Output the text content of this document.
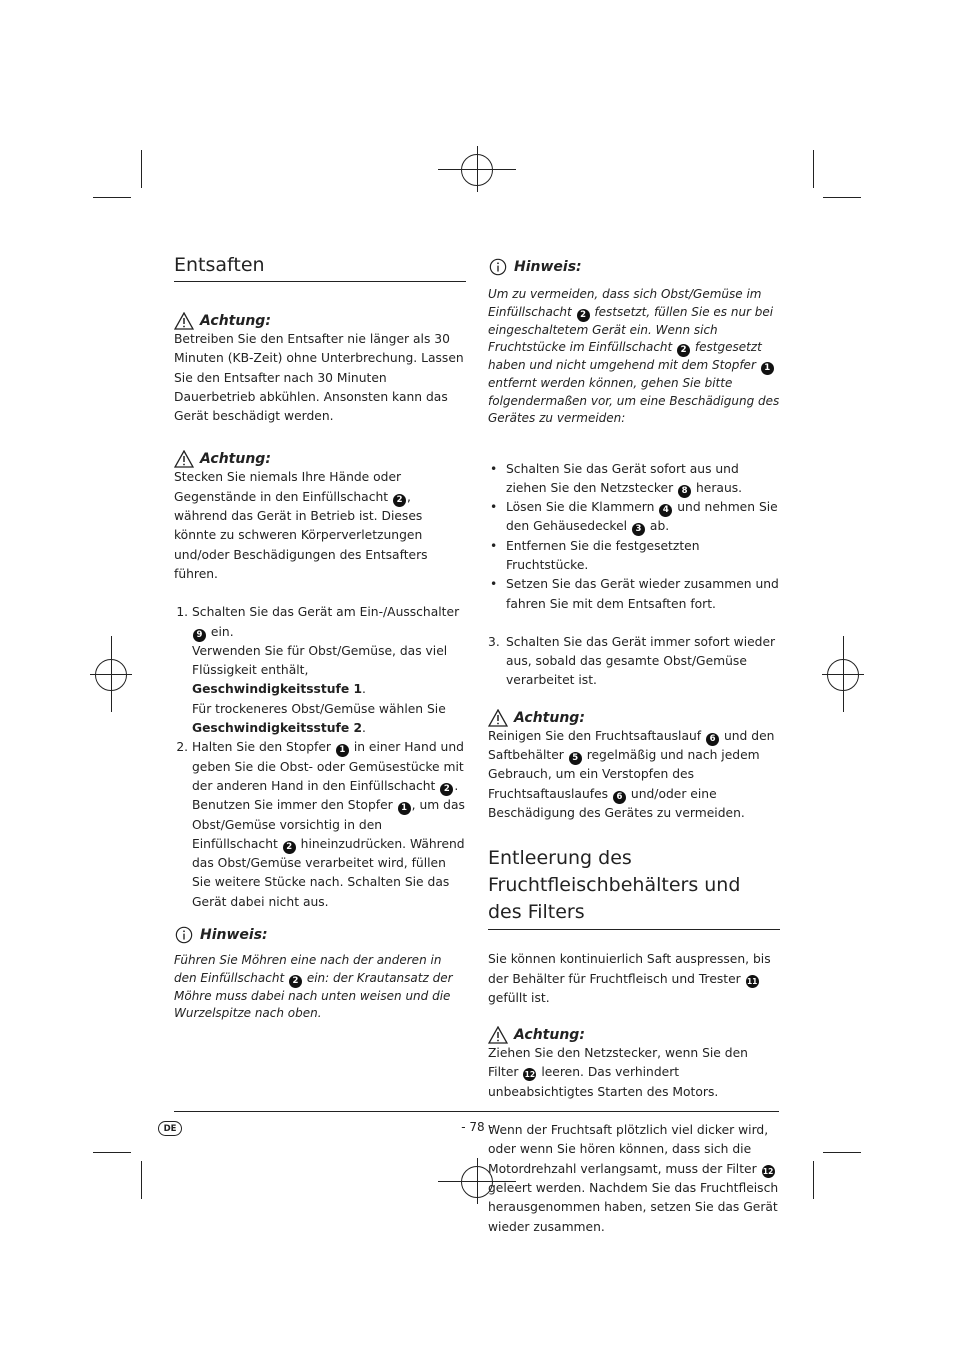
Entsaften
Achtung:

Betreiben Sie den Entsafter nie länger als 30 Minuten (KB-Zeit) ohne Unterbrechung. Lassen Sie den Entsafter nach 30 Minuten Dauerbetrieb abkühlen. Ansonsten kann das Gerät beschädigt werden.

Achtung:

Stecken Sie niemals Ihre Hände oder Gegenstände in den Einfüllschacht 2 , während das Gerät in Betrieb ist. Dieses könnte zu schweren Körperverletzungen und/oder Beschädigungen des Entsafters führen.

1. Schalten Sie das Gerät am Ein-/Ausschalter 9 ein.
Verwenden Sie für Obst/Gemüse, das viel Flüssigkeit enthält, Geschwindigkeitsstufe 1.
Für trockeneres Obst/Gemüse wählen Sie Geschwindigkeitsstufe 2.
2. Halten Sie den Stopfer 1 in einer Hand und geben Sie die Obst- oder Gemüsestücke mit der anderen Hand in den Einfüllschacht 2 . Benutzen Sie immer den Stopfer 1 , um das Obst/Gemüse vorsichtig in den Einfüllschacht 2 hineinzudrücken. Während das Obst/Gemüse verarbeitet wird, füllen Sie weitere Stücke nach. Schalten Sie das Gerät dabei nicht aus.
Hinweis:

Führen Sie Möhren eine nach der anderen in den Einfüllschacht 2 ein: der Krautansatz der Möhre muss dabei nach unten weisen und die Wurzelspitze nach oben.

Hinweis:

Um zu vermeiden, dass sich Obst/Gemüse im Einfüllschacht 2 festsetzt, füllen Sie es nur bei eingeschaltetem Gerät ein. Wenn sich Fruchtstücke im Einfüllschacht 2 festgesetzt haben und nicht umgehend mit dem Stopfer 1 entfernt werden können, gehen Sie bitte folgendermaßen vor, um eine Beschädigung des Gerätes zu vermeiden:

• Schalten Sie das Gerät sofort aus und ziehen Sie den Netzstecker 8 heraus.
• Lösen Sie die Klammern 4 und nehmen Sie den Gehäusedeckel 3 ab.
• Entfernen Sie die festgesetzten Fruchtstücke.
• Setzen Sie das Gerät wieder zusammen und fahren Sie mit dem Entsaften fort.
3. Schalten Sie das Gerät immer sofort wieder aus, sobald das gesamte Obst/Gemüse verarbeitet ist.
Achtung:

Reinigen Sie den Fruchtsaftauslauf 6 und den Saftbehälter 5 regelmäßig und nach jedem Gebrauch, um ein Verstopfen des Fruchtsaftauslaufes 6 und/oder eine Beschädigung des Gerätes zu vermeiden.

Entleerung des Fruchtfleischbehälters und des Filters

Sie können kontinuierlich Saft auspressen, bis der Behälter für Fruchtfleisch und Trester 11 gefüllt ist.

Achtung:

Ziehen Sie den Netzstecker, wenn Sie den Filter 12 leeren. Das verhindert unbeabsichtigtes Starten des Motors.

Wenn der Fruchtsaft plötzlich viel dicker wird, oder wenn Sie hören können, dass sich die Motordrehzahl verlangsamt, muss der Filter 12 geleert werden. Nachdem Sie das Fruchtfleisch herausgenommen haben, setzen Sie das Gerät wieder zusammen.

DE	- 78 -
